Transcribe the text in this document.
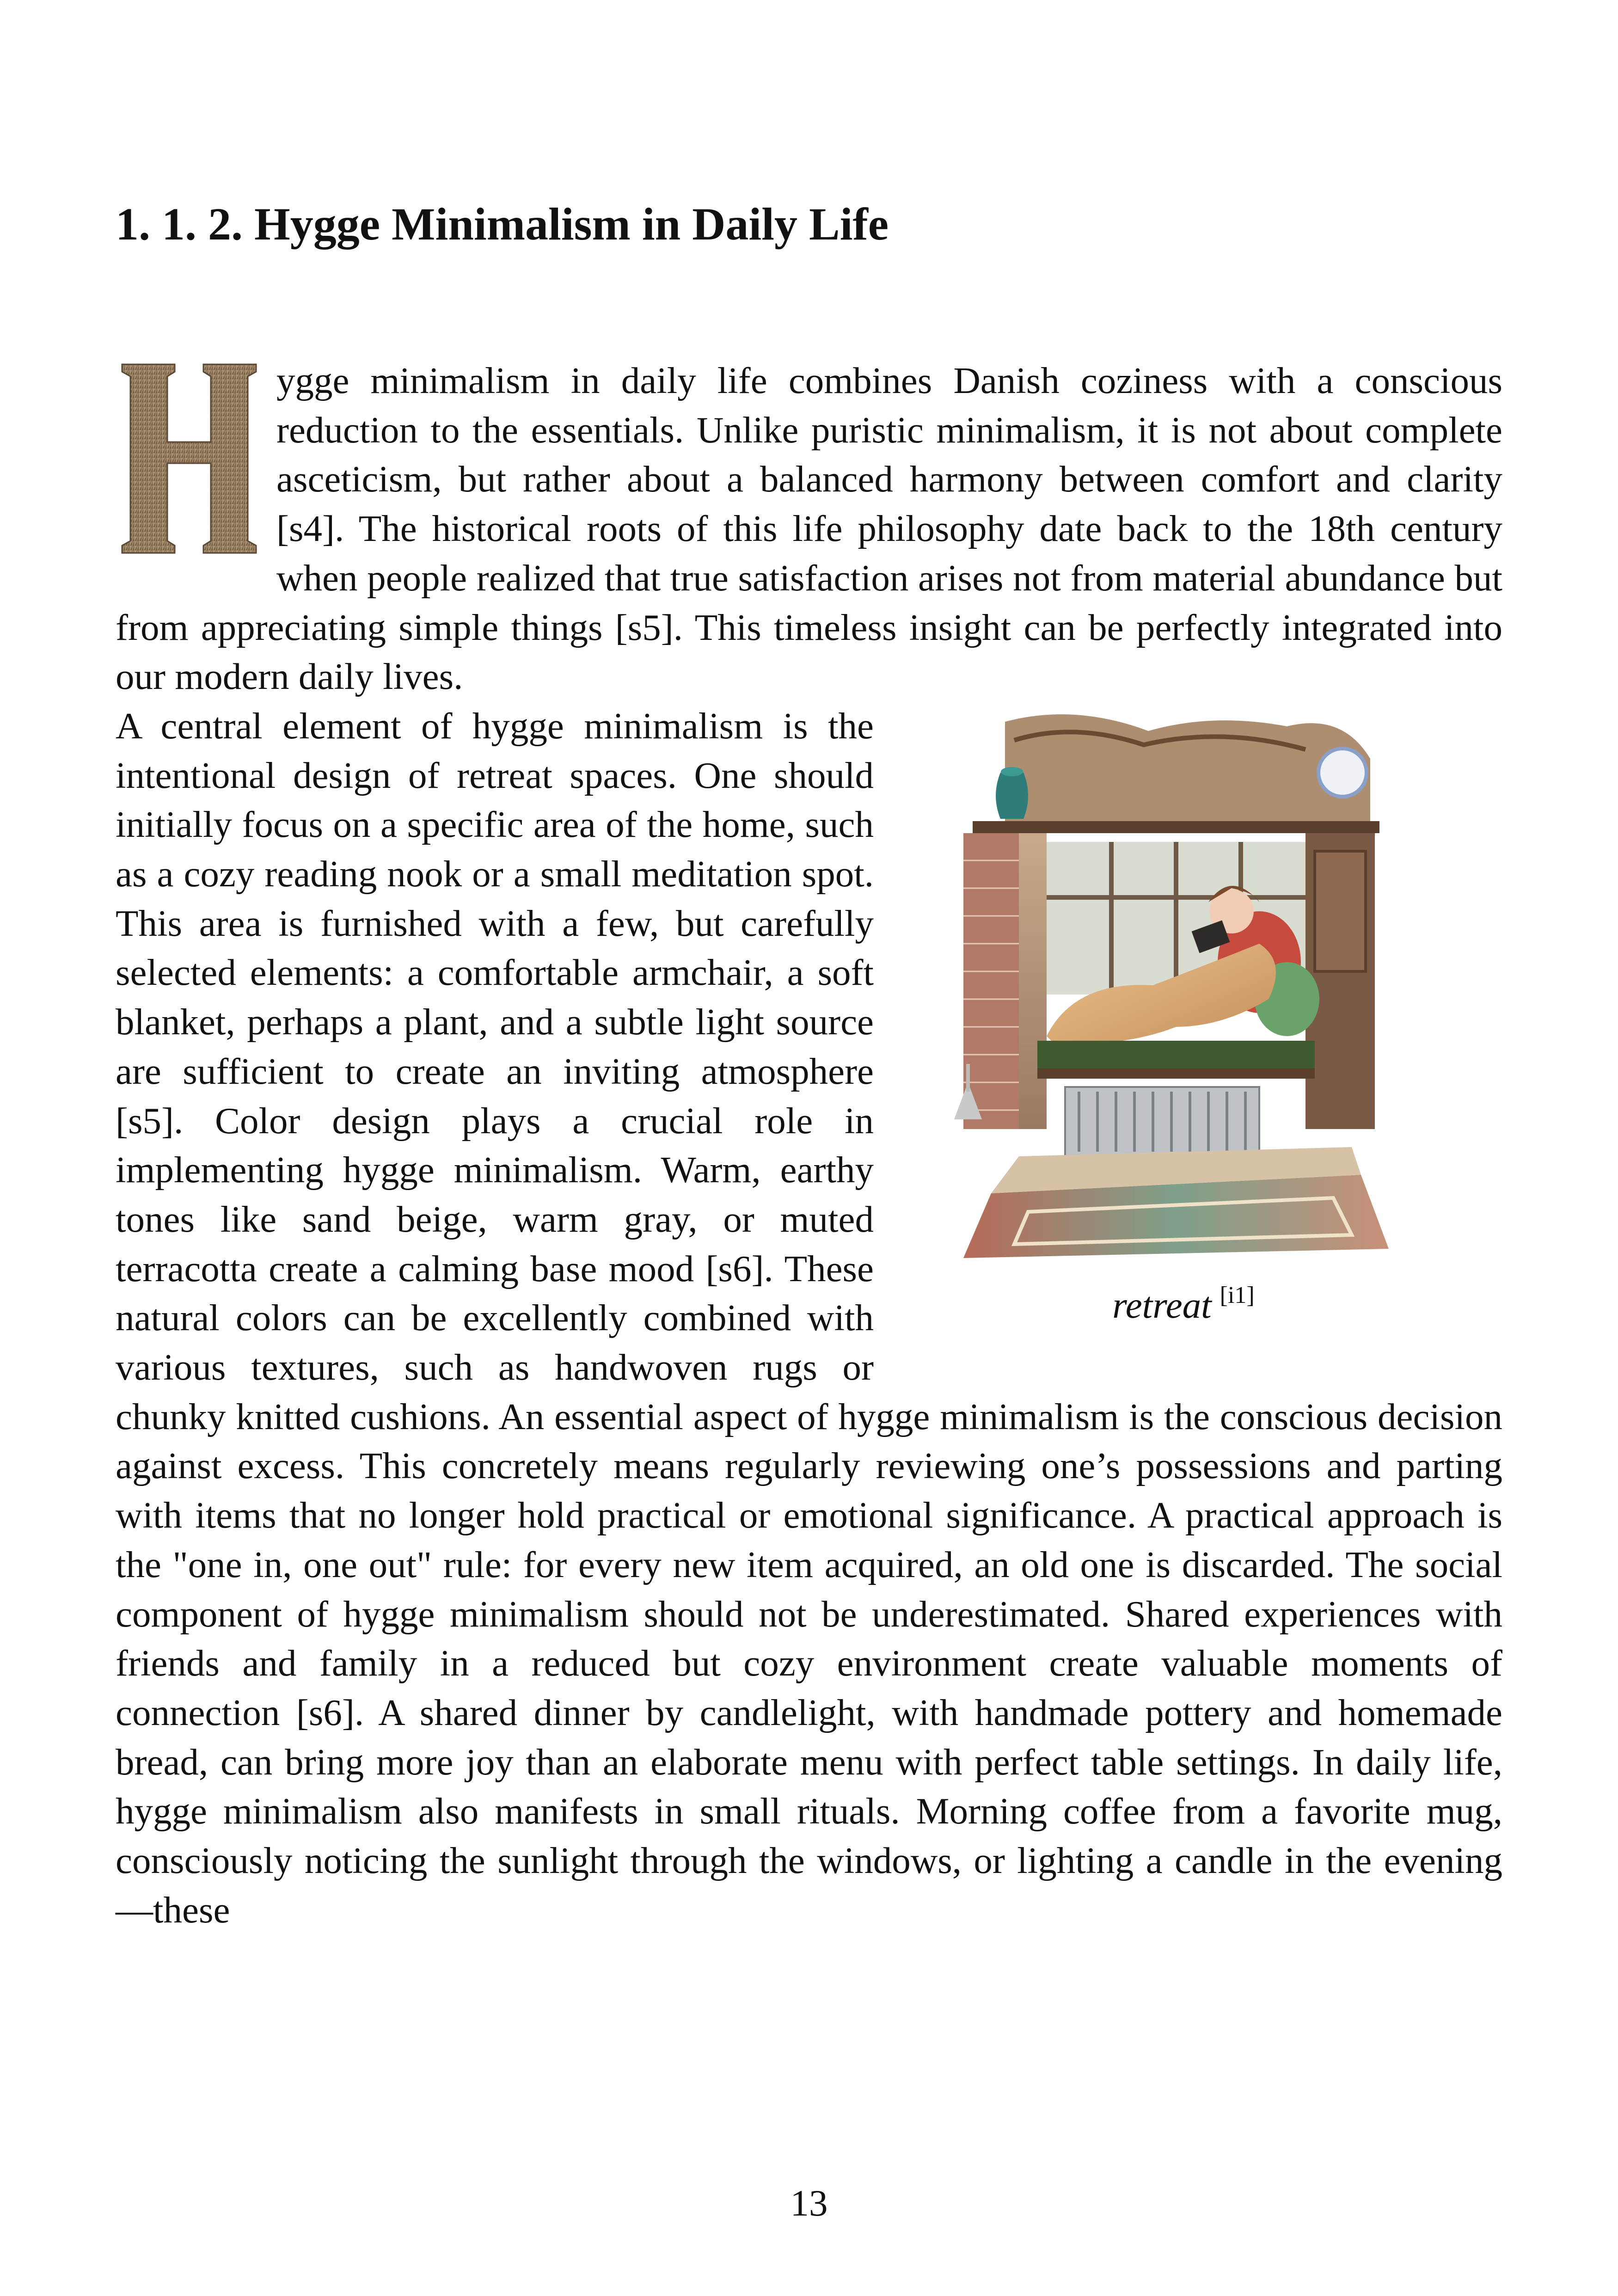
1. 1. 2. Hygge Minimalism in Daily Life

ygge minimalism in daily life combines Danish coziness with a conscious reduction to the essentials. Unlike puristic minimalism, it is not about complete asceticism, but rather about a balanced harmony between comfort and clarity [s4]. The historical roots of this life philosophy date back to the 18th century when people realized that true satisfaction arises not from material abundance but from appreciating simple things [s5]. This timeless insight can be perfectly integrated into our modern daily lives.

retreat [i1]

A central element of hygge minimalism is the intentional design of retreat spaces. One should initially focus on a specific area of the home, such as a cozy reading nook or a small meditation spot. This area is furnished with a few, but carefully selected elements: a comfortable armchair, a soft blanket, perhaps a plant, and a subtle light source are sufficient to create an inviting atmosphere [s5]. Color design plays a crucial role in implementing hygge minimalism. Warm, earthy tones like sand beige, warm gray, or muted terracotta create a calming base mood [s6]. These natural colors can be excellently combined with various textures, such as handwoven rugs or chunky knitted cushions. An essential aspect of hygge minimalism is the conscious decision against excess. This concretely means regularly reviewing one’s possessions and parting with items that no longer hold practical or emotional significance. A practical approach is the "one in, one out" rule: for every new item acquired, an old one is discarded. The social component of hygge minimalism should not be underestimated. Shared experiences with friends and family in a reduced but cozy environment create valuable moments of connection [s6]. A shared dinner by candlelight, with handmade pottery and homemade bread, can bring more joy than an elaborate menu with perfect table settings. In daily life, hygge minimalism also manifests in small rituals. Morning coffee from a favorite mug, consciously noticing the sunlight through the windows, or lighting a candle in the evening—these

13
